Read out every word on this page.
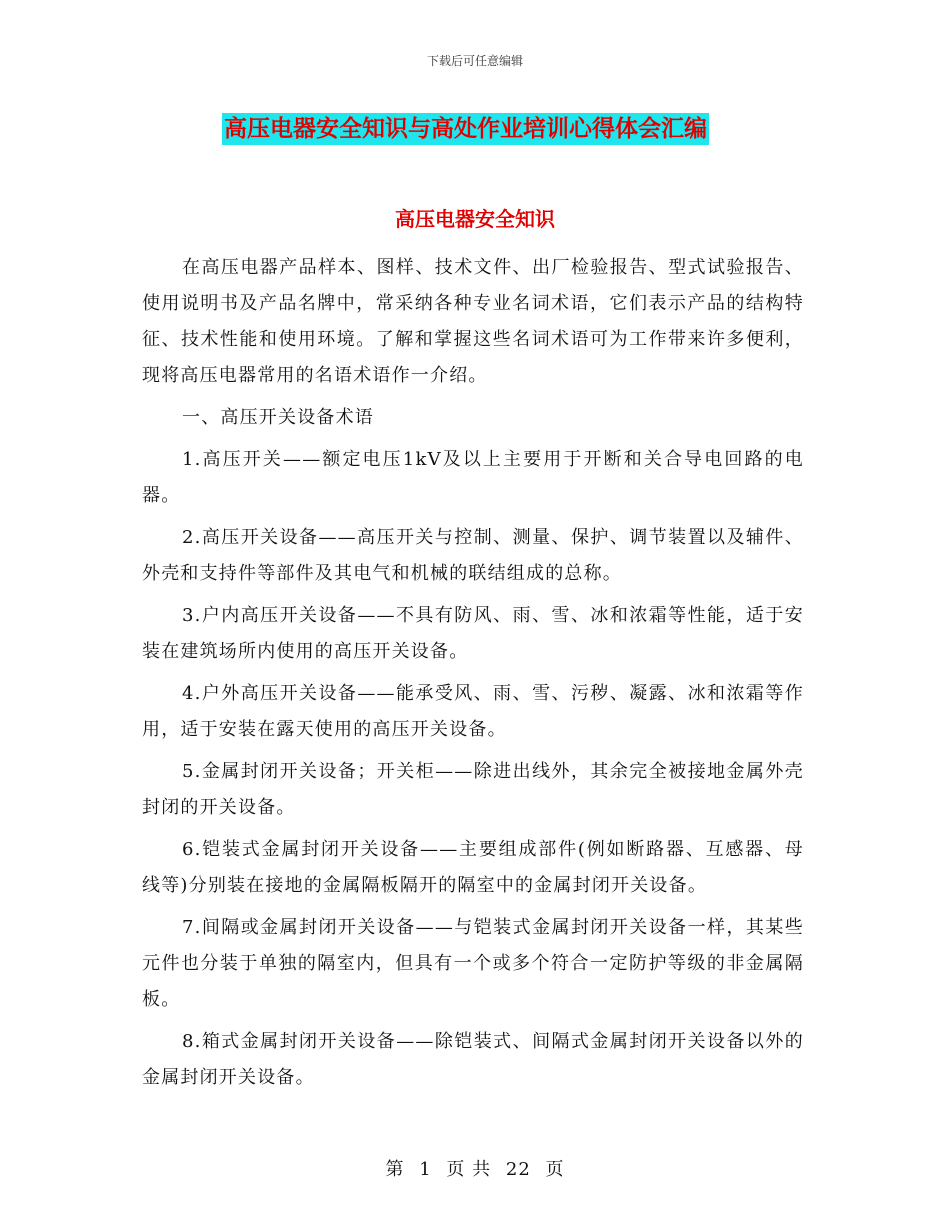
下载后可任意编辑
高压电器安全知识与高处作业培训心得体会汇编
高压电器安全知识

在高压电器产品样本、图样、技术文件、出厂检验报告、型式试验报告、使用说明书及产品名牌中，常采纳各种专业名词术语，它们表示产品的结构特征、技术性能和使用环境。了解和掌握这些名词术语可为工作带来许多便利，现将高压电器常用的名语术语作一介绍。

一、高压开关设备术语

1.高压开关——额定电压1kV及以上主要用于开断和关合导电回路的电器。

2.高压开关设备——高压开关与控制、测量、保护、调节装置以及辅件、外壳和支持件等部件及其电气和机械的联结组成的总称。

3.户内高压开关设备——不具有防风、雨、雪、冰和浓霜等性能，适于安装在建筑场所内使用的高压开关设备。

4.户外高压开关设备——能承受风、雨、雪、污秽、凝露、冰和浓霜等作用，适于安装在露天使用的高压开关设备。

5.金属封闭开关设备；开关柜——除进出线外，其余完全被接地金属外壳封闭的开关设备。

6.铠装式金属封闭开关设备——主要组成部件(例如断路器、互感器、母线等)分别装在接地的金属隔板隔开的隔室中的金属封闭开关设备。

7.间隔或金属封闭开关设备——与铠装式金属封闭开关设备一样，其某些元件也分装于单独的隔室内，但具有一个或多个符合一定防护等级的非金属隔板。

8.箱式金属封闭开关设备——除铠装式、间隔式金属封闭开关设备以外的金属封闭开关设备。

第 1 页 共 22 页
